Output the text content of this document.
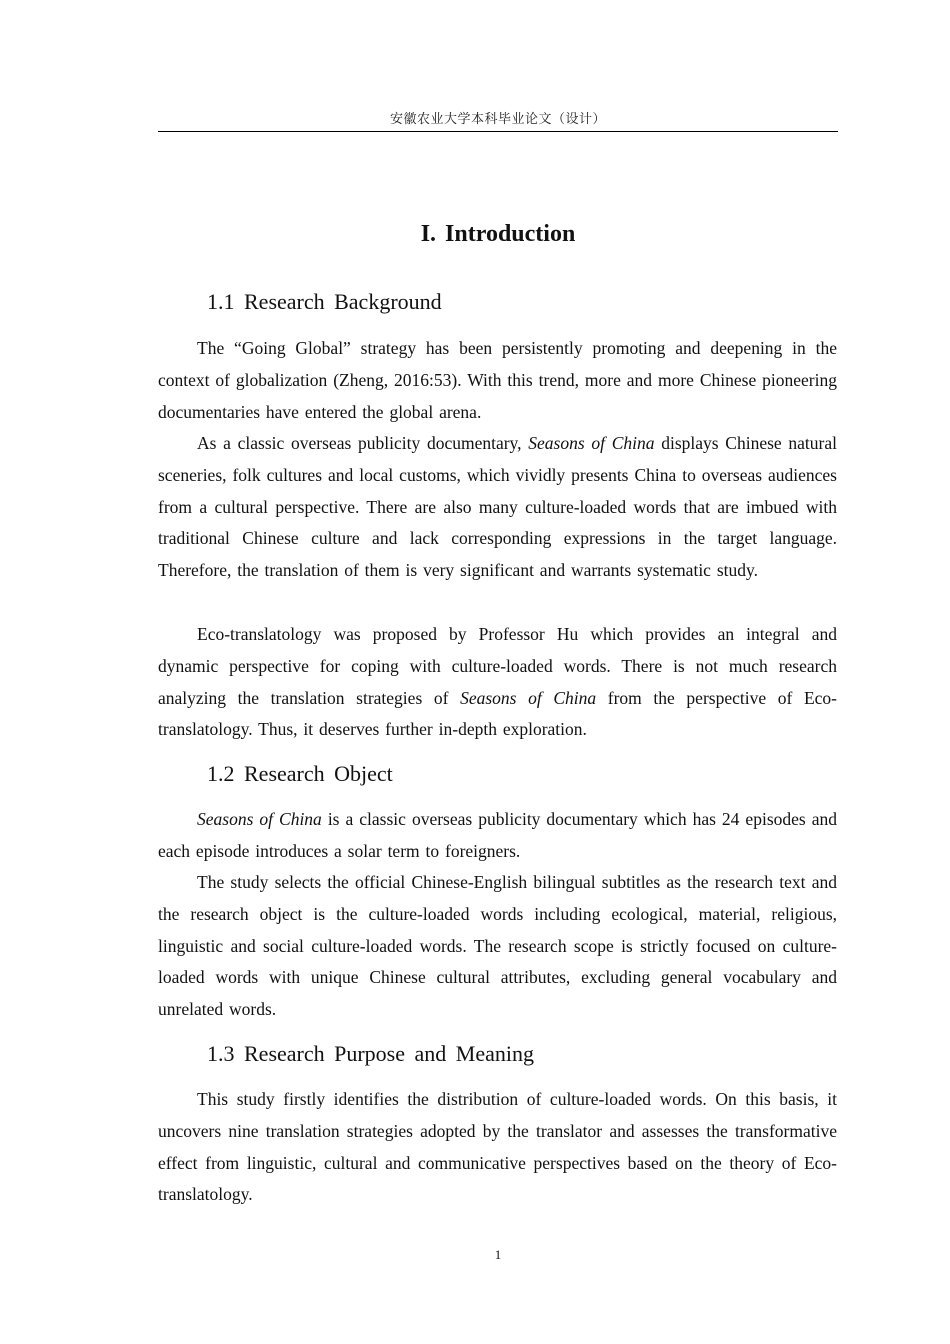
安徽农业大学本科毕业论文（设计）
I. Introduction
1.1 Research Background

The “Going Global” strategy has been persistently promoting and deepening in the context of globalization (Zheng, 2016:53). With this trend, more and more Chinese pioneering documentaries have entered the global arena.

As a classic overseas publicity documentary, Seasons of China displays Chinese natural sceneries, folk cultures and local customs, which vividly presents China to overseas audiences from a cultural perspective. There are also many culture-loaded words that are imbued with traditional Chinese culture and lack corresponding expressions in the target language. Therefore, the translation of them is very significant and warrants systematic study.

Eco-translatology was proposed by Professor Hu which provides an integral and dynamic perspective for coping with culture-loaded words. There is not much research analyzing the translation strategies of Seasons of China from the perspective of Eco-translatology. Thus, it deserves further in-depth exploration.

1.2 Research Object

Seasons of China is a classic overseas publicity documentary which has 24 episodes and each episode introduces a solar term to foreigners.

The study selects the official Chinese-English bilingual subtitles as the research text and the research object is the culture-loaded words including ecological, material, religious, linguistic and social culture-loaded words. The research scope is strictly focused on culture-loaded words with unique Chinese cultural attributes, excluding general vocabulary and unrelated words.

1.3 Research Purpose and Meaning

This study firstly identifies the distribution of culture-loaded words. On this basis, it uncovers nine translation strategies adopted by the translator and assesses the transformative effect from linguistic, cultural and communicative perspectives based on the theory of Eco-translatology.

1
